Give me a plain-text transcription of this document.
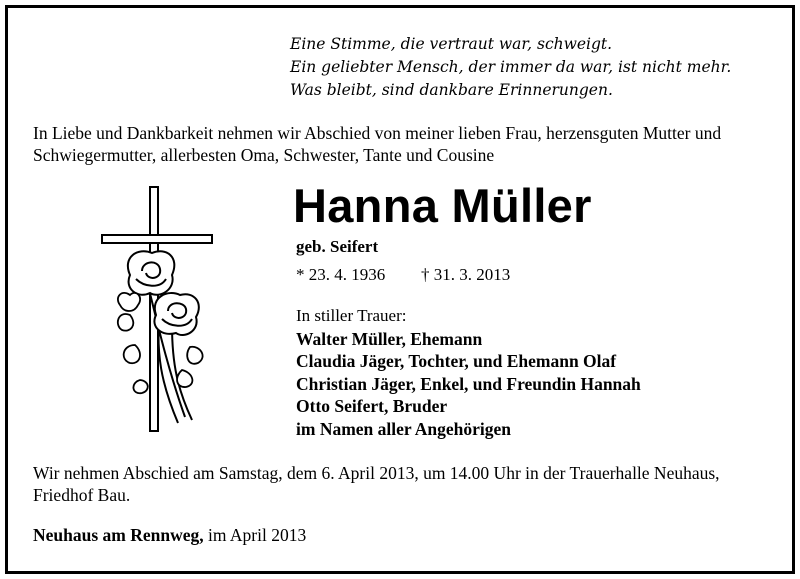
Eine Stimme, die vertraut war, schweigt.
Ein geliebter Mensch, der immer da war, ist nicht mehr.
Was bleibt, sind dankbare Erinnerungen.
In Liebe und Dankbarkeit nehmen wir Abschied von meiner lieben Frau, herzensguten Mutter und Schwiegermutter, allerbesten Oma, Schwester, Tante und Cousine
Hanna Müller
geb. Seifert
* 23. 4. 1936 † 31. 3. 2013
In stiller Trauer:
Walter Müller, Ehemann
Claudia Jäger, Tochter, und Ehemann Olaf
Christian Jäger, Enkel, und Freundin Hannah
Otto Seifert, Bruder
im Namen aller Angehörigen
Wir nehmen Abschied am Samstag, dem 6. April 2013, um 14.00 Uhr in der Trauerhalle Neuhaus, Friedhof Bau.
Neuhaus am Rennweg, im April 2013
